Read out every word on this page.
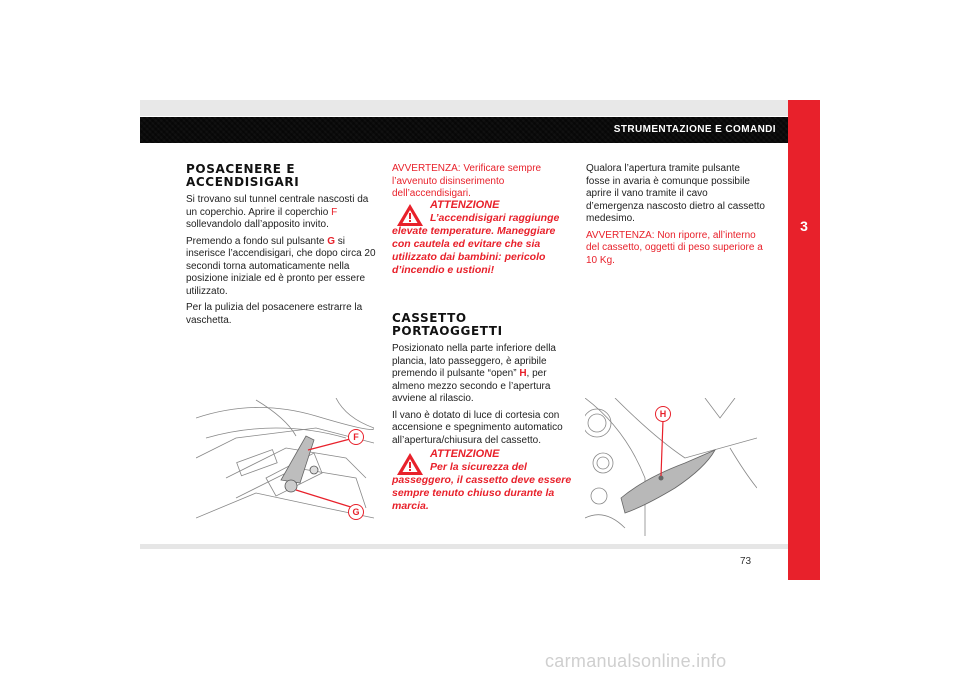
STRUMENTAZIONE E COMANDI
3
POSACENERE E
ACCENDISIGARI

Si trovano sul tunnel centrale nascosti da un coperchio. Aprire il coperchio F sollevandolo dall’apposito invito.

Premendo a fondo sul pulsante G si inserisce l’accendisigari, che dopo circa 20 secondi torna automaticamente nella posizione iniziale ed è pronto per essere utilizzato.

Per la pulizia del posacenere estrarre la vaschetta.

F
G

AVVERTENZA: Verificare sempre l’avvenuto disinserimento dell’accendisigari.

ATTENZIONE
L’accendisigari raggiunge elevate temperature. Maneggiare con cautela ed evitare che sia utilizzato dai bambini: pericolo d’incendio e ustioni!
CASSETTO
PORTAOGGETTI

Posizionato nella parte inferiore della plancia, lato passeggero, è apribile premendo il pulsante “open” H, per almeno mezzo secondo e l’apertura avviene al rilascio.

Il vano è dotato di luce di cortesia con accensione e spegnimento automatico all’apertura/chiusura del cassetto.

ATTENZIONE
Per la sicurezza del passeggero, il cassetto deve essere sempre tenuto chiuso durante la marcia.

Qualora l’apertura tramite pulsante fosse in avaria è comunque possibile aprire il vano tramite il cavo d’emergenza nascosto dietro al cassetto medesimo.

AVVERTENZA: Non riporre, all’interno del cassetto, oggetti di peso superiore a 10 Kg.

H
73
carmanualsonline.info
